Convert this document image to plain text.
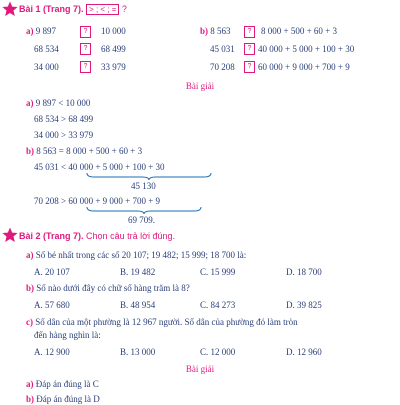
Bài 1 (Trang 7). > ; < ; = ?
a) 9 897	?	10 000
68 534	?	68 499
34 000	?	33 979
b) 8 563	?	8 000 + 500 + 60 + 3
45 031	? 40 000 + 5 000 + 100 + 30
70 208	? 60 000 + 9 000 + 700 + 9
Bài giải
a) 9 897 < 10 000
68 534 > 68 499
34 000 > 33 979
b) 8 563 = 8 000 + 500 + 60 + 3
45 031 < 40 000 + 5 000 + 100 + 30
45 130
70 208 > 60 000 + 9 000 + 700 + 9
69 709.
Bài 2 (Trang 7). Chọn câu trả lời đúng.
a) Số bé nhất trong các số 20 107; 19 482; 15 999; 18 700 là:
A. 20 107	B. 19 482	C. 15 999	D. 18 700
b) Số nào dưới đây có chữ số hàng trăm là 8?
A. 57 680	B. 48 954	C. 84 273	D. 39 825
c) Số dân của một phường là 12 967 người. Số dân của phường đó làm tròn
đến hàng nghìn là:
A. 12 900	B. 13 000	C. 12 000	D. 12 960
Bài giải
a) Đáp án đúng là C
b) Đáp án đúng là D
